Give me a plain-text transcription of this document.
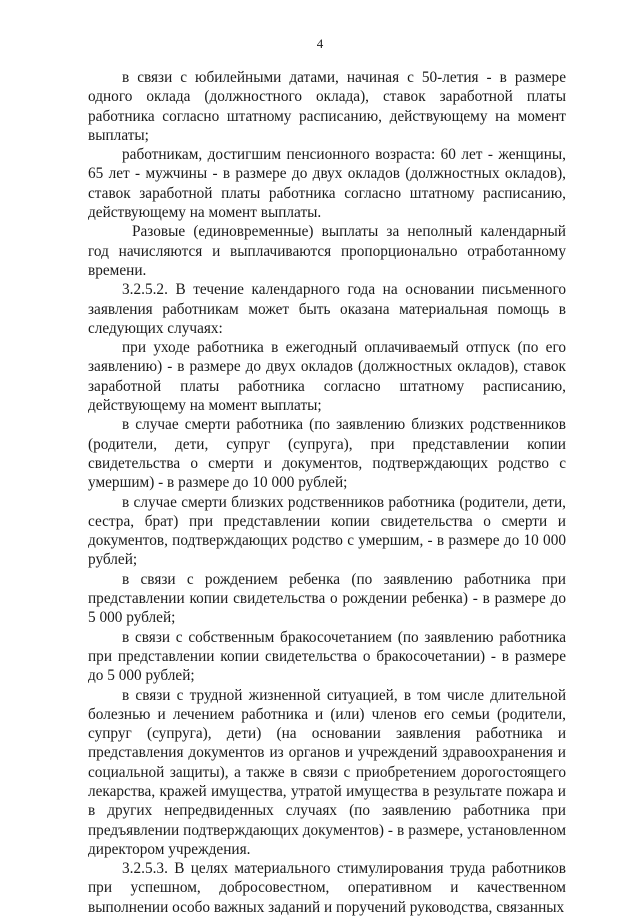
4

в связи с юбилейными датами, начиная с 50-летия - в размере одного оклада (должностного оклада), ставок заработной платы работника согласно штатному расписанию, действующему на момент выплаты;

работникам, достигшим пенсионного возраста: 60 лет - женщины, 65 лет - мужчины - в размере до двух окладов (должностных окладов), ставок заработной платы работника согласно штатному расписанию, действующему на момент выплаты.

Разовые (единовременные) выплаты за неполный календарный год начисляются и выплачиваются пропорционально отработанному времени.

3.2.5.2. В течение календарного года на основании письменного заявления работникам может быть оказана материальная помощь в следующих случаях:

при уходе работника в ежегодный оплачиваемый отпуск (по его заявлению) - в размере до двух окладов (должностных окладов), ставок заработной платы работника согласно штатному расписанию, действующему на момент выплаты;

в случае смерти работника (по заявлению близких родственников (родители, дети, супруг (супруга), при представлении копии свидетельства о смерти и документов, подтверждающих родство с умершим) - в размере до 10 000 рублей;

в случае смерти близких родственников работника (родители, дети, сестра, брат) при представлении копии свидетельства о смерти и документов, подтверждающих родство с умершим, - в размере до 10 000 рублей;

в связи с рождением ребенка (по заявлению работника при представлении копии свидетельства о рождении ребенка) - в размере до 5 000 рублей;

в связи с собственным бракосочетанием (по заявлению работника при представлении копии свидетельства о бракосочетании) - в размере до 5 000 рублей;

в связи с трудной жизненной ситуацией, в том числе длительной болезнью и лечением работника и (или) членов его семьи (родители, супруг (супруга), дети) (на основании заявления работника и представления документов из органов и учреждений здравоохранения и социальной защиты), а также в связи с приобретением дорогостоящего лекарства, кражей имущества, утратой имущества в результате пожара и в других непредвиденных случаях (по заявлению работника при предъявлении подтверждающих документов) - в размере, установленном директором учреждения.

3.2.5.3. В целях материального стимулирования труда работников при успешном, добросовестном, оперативном и качественном выполнении особо важных заданий и поручений руководства, связанных
